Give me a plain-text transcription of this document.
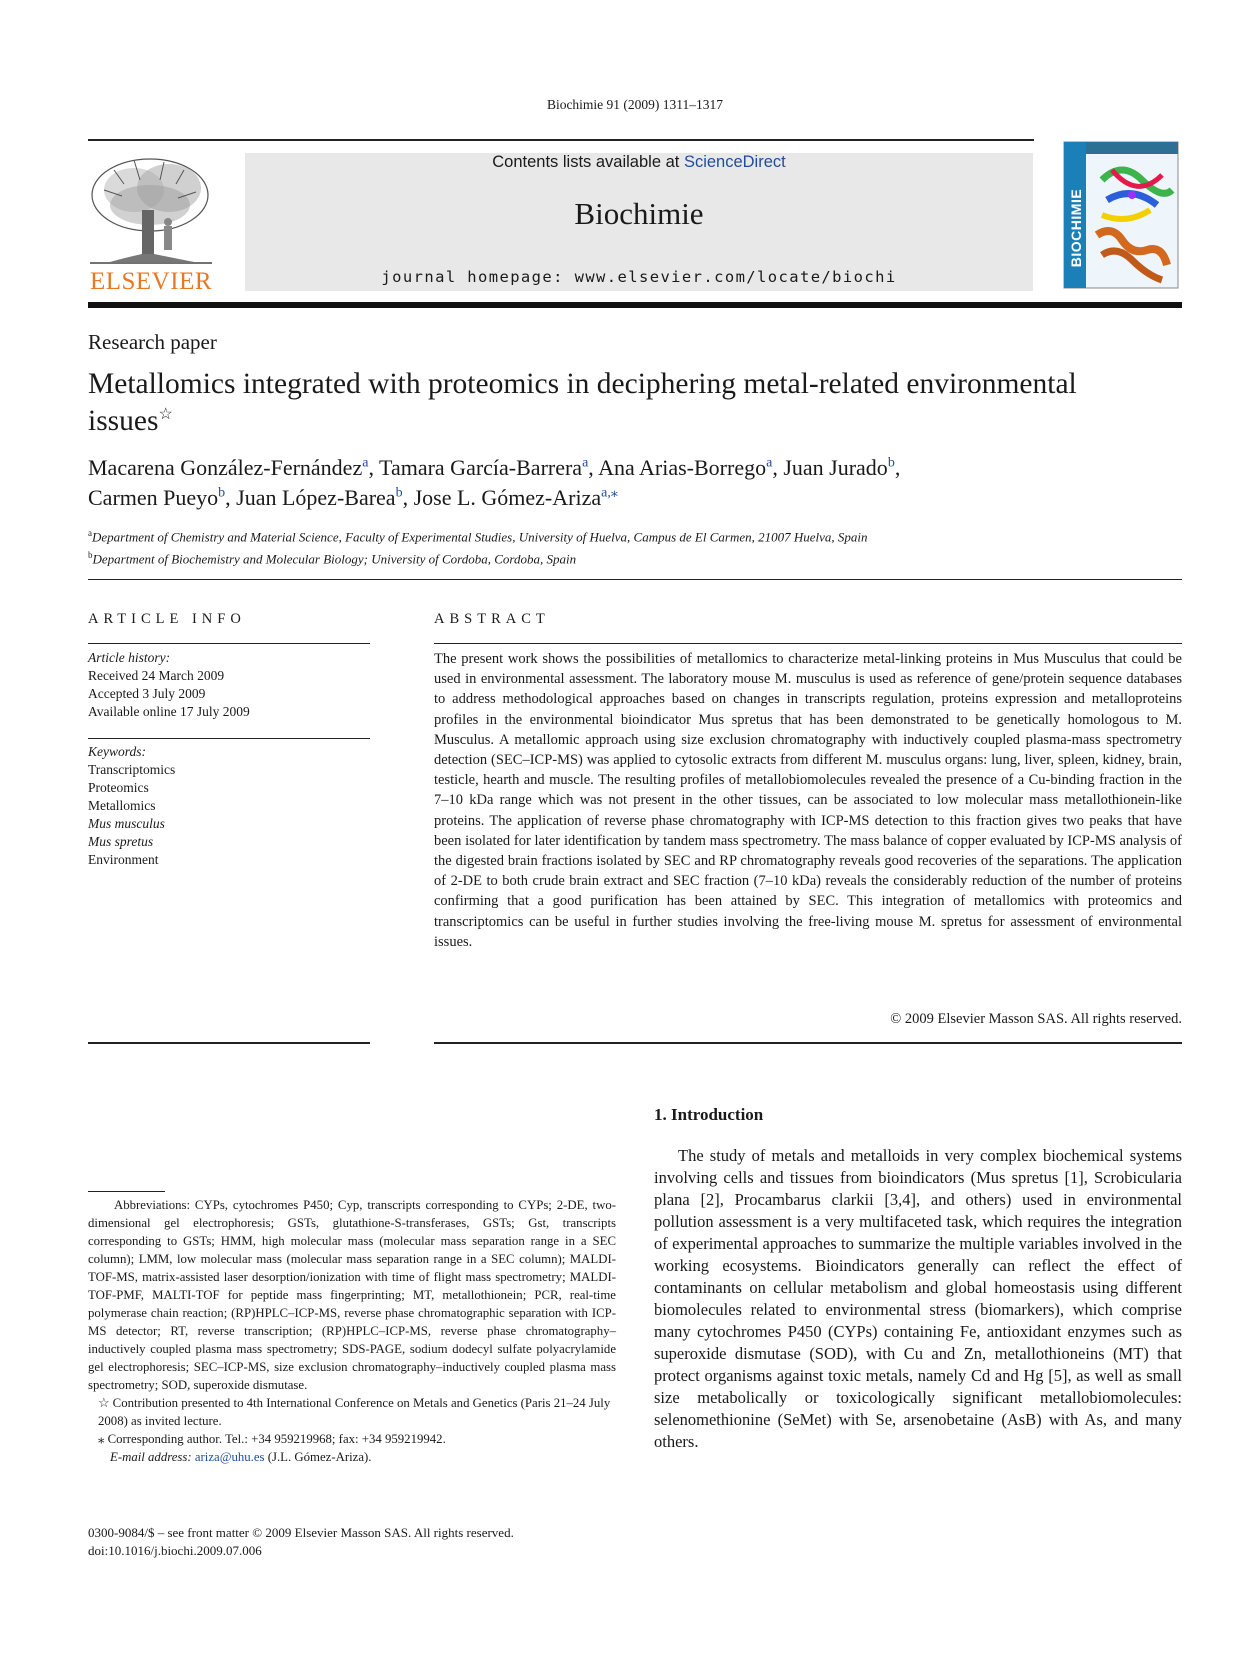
Biochimie 91 (2009) 1311–1317
ELSEVIER
Contents lists available at ScienceDirect
Biochimie
journal homepage: www.elsevier.com/locate/biochi
BIOCHIMIE
Research paper
Metallomics integrated with proteomics in deciphering metal-related environmental issues☆
Macarena González-Fernández$^a$, Tamara García-Barrera$^a$, Ana Arias-Borrego$^a$, Juan Jurado$^b$,
Carmen Pueyo$^b$, Juan López-Barea$^b$, Jose L. Gómez-Ariza$^{a,⁎}$
$^a$Department of Chemistry and Material Science, Faculty of Experimental Studies, University of Huelva, Campus de El Carmen, 21007 Huelva, Spain
$^b$Department of Biochemistry and Molecular Biology; University of Cordoba, Cordoba, Spain
ARTICLE INFO
Article history:
Received 24 March 2009
Accepted 3 July 2009
Available online 17 July 2009
Keywords:
Transcriptomics
Proteomics
Metallomics
Mus musculus
Mus spretus
Environment
ABSTRACT
The present work shows the possibilities of metallomics to characterize metal-linking proteins in Mus Musculus that could be used in environmental assessment. The laboratory mouse M. musculus is used as reference of gene/protein sequence databases to address methodological approaches based on changes in transcripts regulation, proteins expression and metalloproteins profiles in the environmental bioindicator Mus spretus that has been demonstrated to be genetically homologous to M. Musculus. A metallomic approach using size exclusion chromatography with inductively coupled plasma-mass spectrometry detection (SEC–ICP-MS) was applied to cytosolic extracts from different M. musculus organs: lung, liver, spleen, kidney, brain, testicle, hearth and muscle. The resulting profiles of metallobiomolecules revealed the presence of a Cu-binding fraction in the 7–10 kDa range which was not present in the other tissues, can be associated to low molecular mass metallothionein-like proteins. The application of reverse phase chromatography with ICP-MS detection to this fraction gives two peaks that have been isolated for later identification by tandem mass spectrometry. The mass balance of copper evaluated by ICP-MS analysis of the digested brain fractions isolated by SEC and RP chromatography reveals good recoveries of the separations. The application of 2-DE to both crude brain extract and SEC fraction (7–10 kDa) reveals the considerably reduction of the number of proteins confirming that a good purification has been attained by SEC. This integration of metallomics with proteomics and transcriptomics can be useful in further studies involving the free-living mouse M. spretus for assessment of environmental issues.
© 2009 Elsevier Masson SAS. All rights reserved.
1. Introduction
The study of metals and metalloids in very complex biochemical systems involving cells and tissues from bioindicators (Mus spretus [1], Scrobicularia plana [2], Procambarus clarkii [3,4], and others) used in environmental pollution assessment is a very multifaceted task, which requires the integration of experimental approaches to summarize the multiple variables involved in the working ecosystems. Bioindicators generally can reflect the effect of contaminants on cellular metabolism and global homeostasis using different biomolecules related to environmental stress (biomarkers), which comprise many cytochromes P450 (CYPs) containing Fe, antioxidant enzymes such as superoxide dismutase (SOD), with Cu and Zn, metallothioneins (MT) that protect organisms against toxic metals, namely Cd and Hg [5], as well as small size metabolically or toxicologically significant metallobiomolecules: selenomethionine (SeMet) with Se, arsenobetaine (AsB) with As, and many others.

Abbreviations: CYPs, cytochromes P450; Cyp, transcripts corresponding to CYPs; 2-DE, two-dimensional gel electrophoresis; GSTs, glutathione-S-transferases, GSTs; Gst, transcripts corresponding to GSTs; HMM, high molecular mass (molecular mass separation range in a SEC column); LMM, low molecular mass (molecular mass separation range in a SEC column); MALDI-TOF-MS, matrix-assisted laser desorption/ionization with time of flight mass spectrometry; MALDI-TOF-PMF, MALTI-TOF for peptide mass fingerprinting; MT, metallothionein; PCR, real-time polymerase chain reaction; (RP)HPLC–ICP-MS, reverse phase chromatographic separation with ICP-MS detector; RT, reverse transcription; (RP)HPLC–ICP-MS, reverse phase chromatography–inductively coupled plasma mass spectrometry; SDS-PAGE, sodium dodecyl sulfate polyacrylamide gel electrophoresis; SEC–ICP-MS, size exclusion chromatography–inductively coupled plasma mass spectrometry; SOD, superoxide dismutase.

☆ Contribution presented to 4th International Conference on Metals and Genetics (Paris 21–24 July 2008) as invited lecture.

⁎ Corresponding author. Tel.: +34 959219968; fax: +34 959219942.

E-mail address: ariza@uhu.es (J.L. Gómez-Ariza).

0300-9084/$ – see front matter © 2009 Elsevier Masson SAS. All rights reserved.
doi:10.1016/j.biochi.2009.07.006
